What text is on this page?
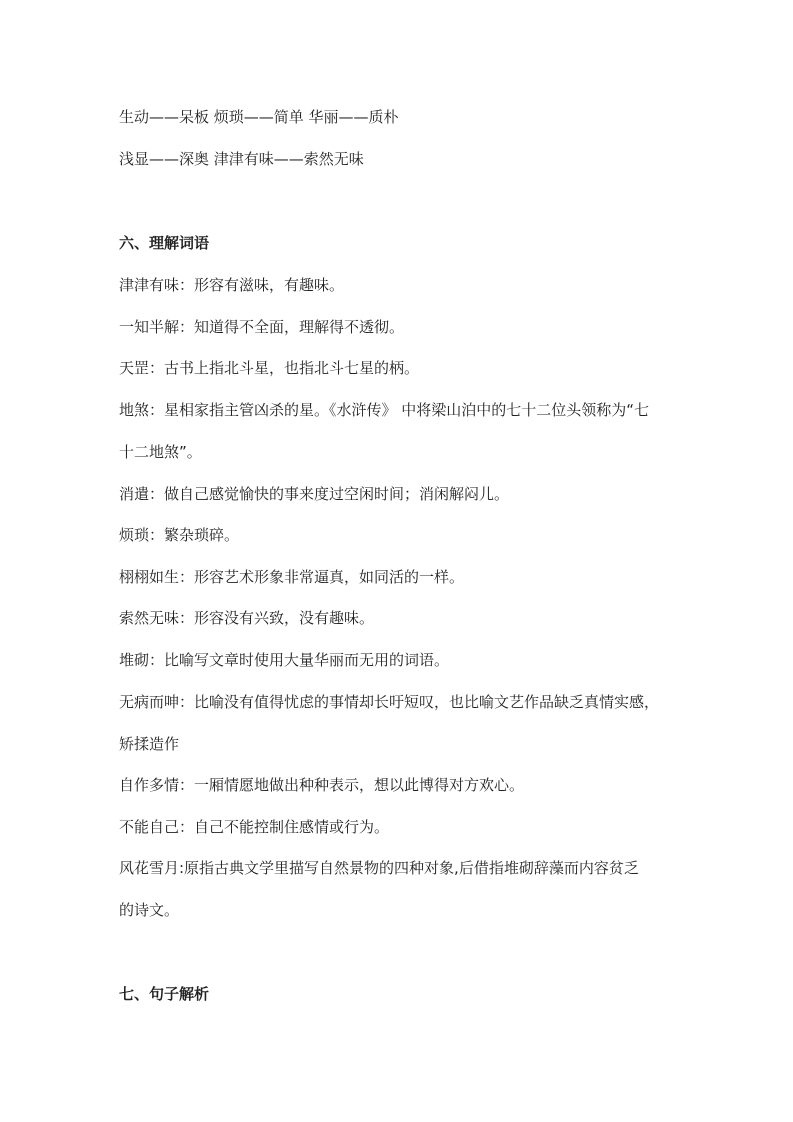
生动——呆板 烦琐——简单 华丽——质朴
浅显——深奥 津津有味——索然无味
六、理解词语
津津有味：形容有滋味，有趣味。
一知半解：知道得不全面，理解得不透彻。
天罡：古书上指北斗星，也指北斗七星的柄。
地煞：星相家指主管凶杀的星。《水浒传》 中将梁山泊中的七十二位头领称为“七
十二地煞”。
消遣：做自己感觉愉快的事来度过空闲时间；消闲解闷儿。
烦琐：繁杂琐碎。
栩栩如生：形容艺术形象非常逼真，如同活的一样。
索然无味：形容没有兴致，没有趣味。
堆砌：比喻写文章时使用大量华丽而无用的词语。
无病而呻：比喻没有值得忧虑的事情却长吁短叹，也比喻文艺作品缺乏真情实感，
矫揉造作
自作多情：一厢情愿地做出种种表示，想以此博得对方欢心。
不能自己：自己不能控制住感情或行为。
风花雪月:原指古典文学里描写自然景物的四种对象,后借指堆砌辞藻而内容贫乏
的诗文。
七、句子解析
